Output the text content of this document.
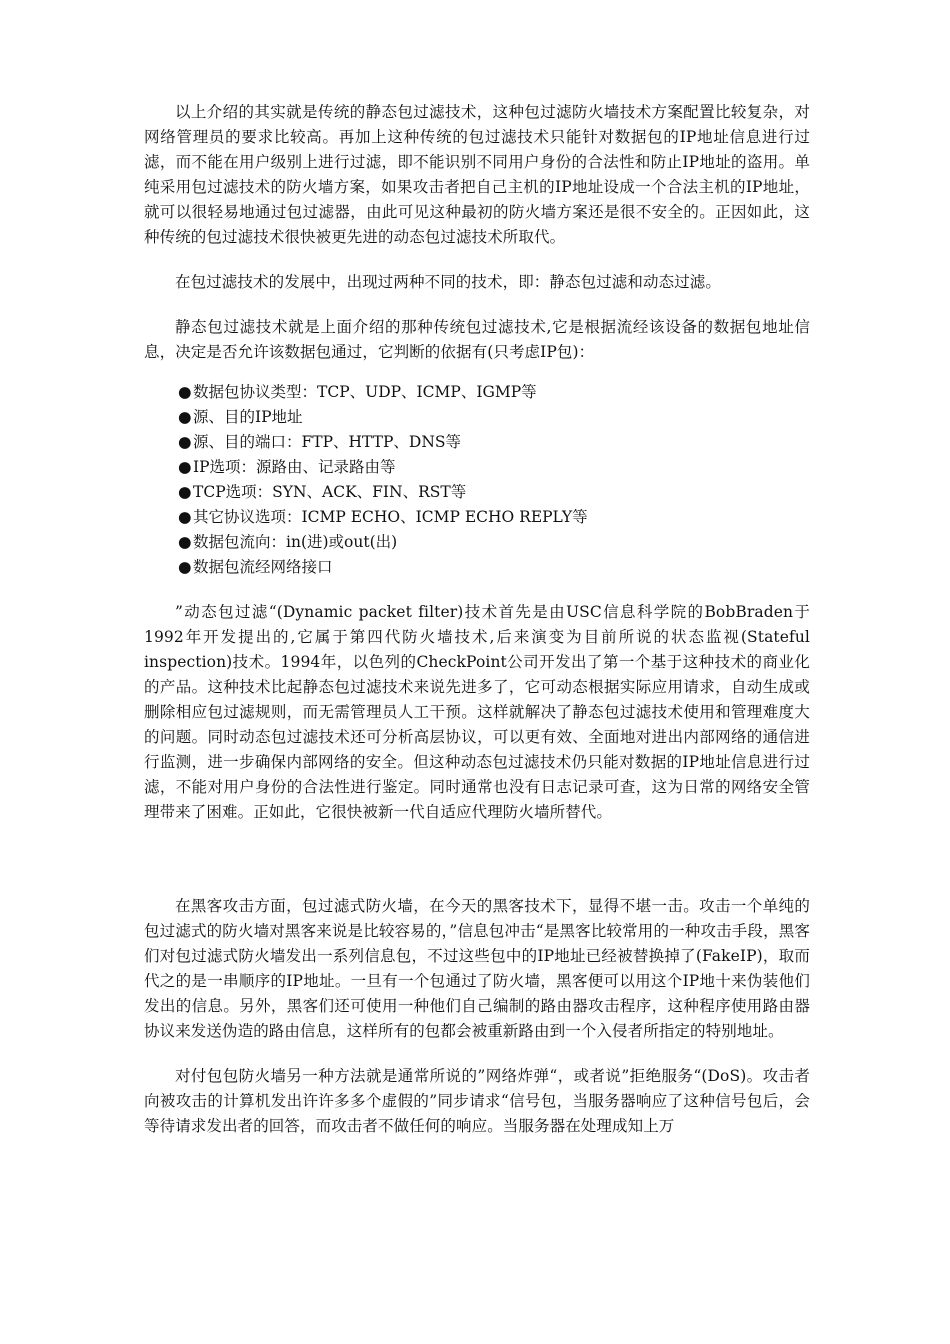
以上介绍的其实就是传统的静态包过滤技术，这种包过滤防火墙技术方案配置比较复杂，对网络管理员的要求比较高。再加上这种传统的包过滤技术只能针对数据包的IP地址信息进行过滤，而不能在用户级别上进行过滤，即不能识别不同用户身份的合法性和防止IP地址的盗用。单纯采用包过滤技术的防火墙方案，如果攻击者把自己主机的IP地址设成一个合法主机的IP地址，就可以很轻易地通过包过滤器，由此可见这种最初的防火墙方案还是很不安全的。正因如此，这种传统的包过滤技术很快被更先进的动态包过滤技术所取代。

在包过滤技术的发展中，出现过两种不同的技术，即：静态包过滤和动态过滤。

静态包过滤技术就是上面介绍的那种传统包过滤技术,它是根据流经该设备的数据包地址信息，决定是否允许该数据包通过，它判断的依据有(只考虑IP包)：

●数据包协议类型：TCP、UDP、ICMP、IGMP等
●源、目的IP地址
●源、目的端口：FTP、HTTP、DNS等
●IP选项：源路由、记录路由等
●TCP选项：SYN、ACK、FIN、RST等
●其它协议选项：ICMP ECHO、ICMP ECHO REPLY等
●数据包流向：in(进)或out(出)
●数据包流经网络接口

”动态包过滤“(Dynamic packet filter)技术首先是由USC信息科学院的BobBraden于1992年开发提出的,它属于第四代防火墙技术,后来演变为目前所说的状态监视(Stateful inspection)技术。1994年，以色列的CheckPoint公司开发出了第一个基于这种技术的商业化的产品。这种技术比起静态包过滤技术来说先进多了，它可动态根据实际应用请求，自动生成或删除相应包过滤规则，而无需管理员人工干预。这样就解决了静态包过滤技术使用和管理难度大的问题。同时动态包过滤技术还可分析高层协议，可以更有效、全面地对进出内部网络的通信进行监测，进一步确保内部网络的安全。但这种动态包过滤技术仍只能对数据的IP地址信息进行过滤，不能对用户身份的合法性进行鉴定。同时通常也没有日志记录可查，这为日常的网络安全管理带来了困难。正如此，它很快被新一代自适应代理防火墙所替代。

在黑客攻击方面，包过滤式防火墙，在今天的黑客技术下，显得不堪一击。攻击一个单纯的包过滤式的防火墙对黑客来说是比较容易的，”信息包冲击“是黑客比较常用的一种攻击手段，黑客们对包过滤式防火墙发出一系列信息包，不过这些包中的IP地址已经被替换掉了(FakeIP)，取而代之的是一串顺序的IP地址。一旦有一个包通过了防火墙，黑客便可以用这个IP地十来伪装他们发出的信息。另外，黑客们还可使用一种他们自己编制的路由器攻击程序，这种程序使用路由器协议来发送伪造的路由信息，这样所有的包都会被重新路由到一个入侵者所指定的特别地址。

对付包包防火墙另一种方法就是通常所说的”网络炸弹“，或者说”拒绝服务“(DoS)。攻击者向被攻击的计算机发出许许多多个虚假的”同步请求“信号包，当服务器响应了这种信号包后，会等待请求发出者的回答，而攻击者不做任何的响应。当服务器在处理成知上万
